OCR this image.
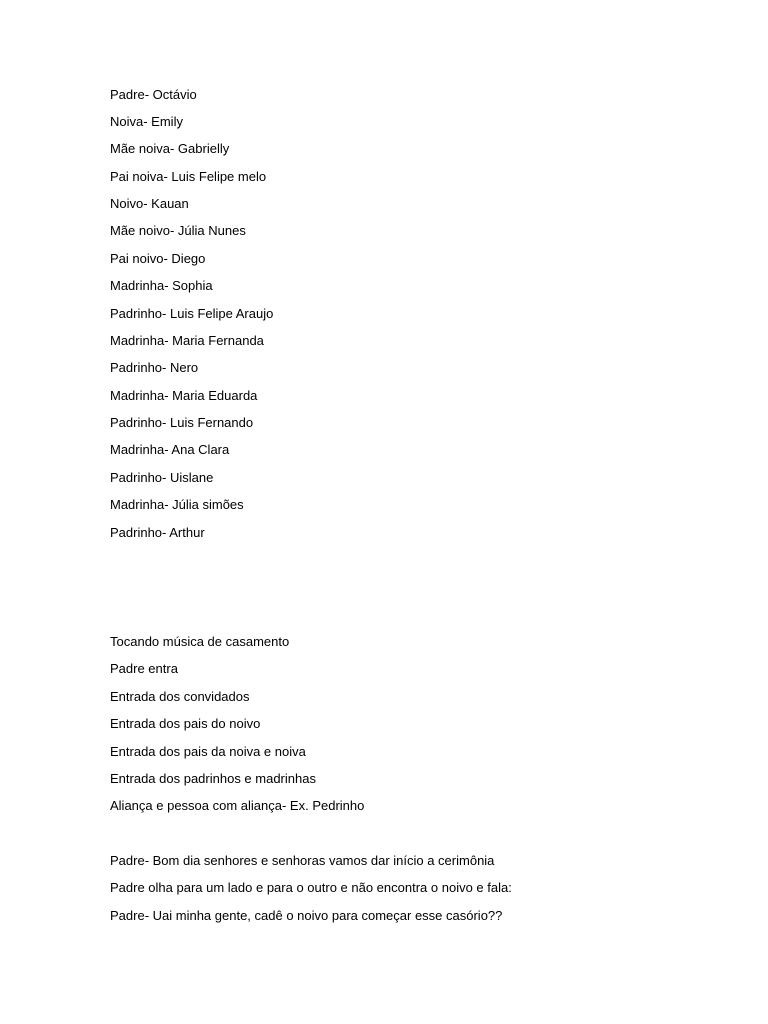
Padre- Octávio
Noiva- Emily
Mãe noiva- Gabrielly
Pai noiva- Luis Felipe melo
Noivo- Kauan
Mãe noivo- Júlia Nunes
Pai noivo- Diego
Madrinha- Sophia
Padrinho- Luis Felipe Araujo
Madrinha- Maria Fernanda
Padrinho- Nero
Madrinha- Maria Eduarda
Padrinho- Luis Fernando
Madrinha- Ana Clara
Padrinho- Uislane
Madrinha- Júlia simões
Padrinho- Arthur
Tocando música de casamento
Padre entra
Entrada dos convidados
Entrada dos pais do noivo
Entrada dos pais da noiva e noiva
Entrada dos padrinhos e madrinhas
Aliança e pessoa com aliança- Ex. Pedrinho
Padre- Bom dia senhores e senhoras vamos dar início a cerimônia
Padre olha para um lado e para o outro e não encontra o noivo e fala:
Padre- Uai minha gente, cadê o noivo para começar esse casório??
